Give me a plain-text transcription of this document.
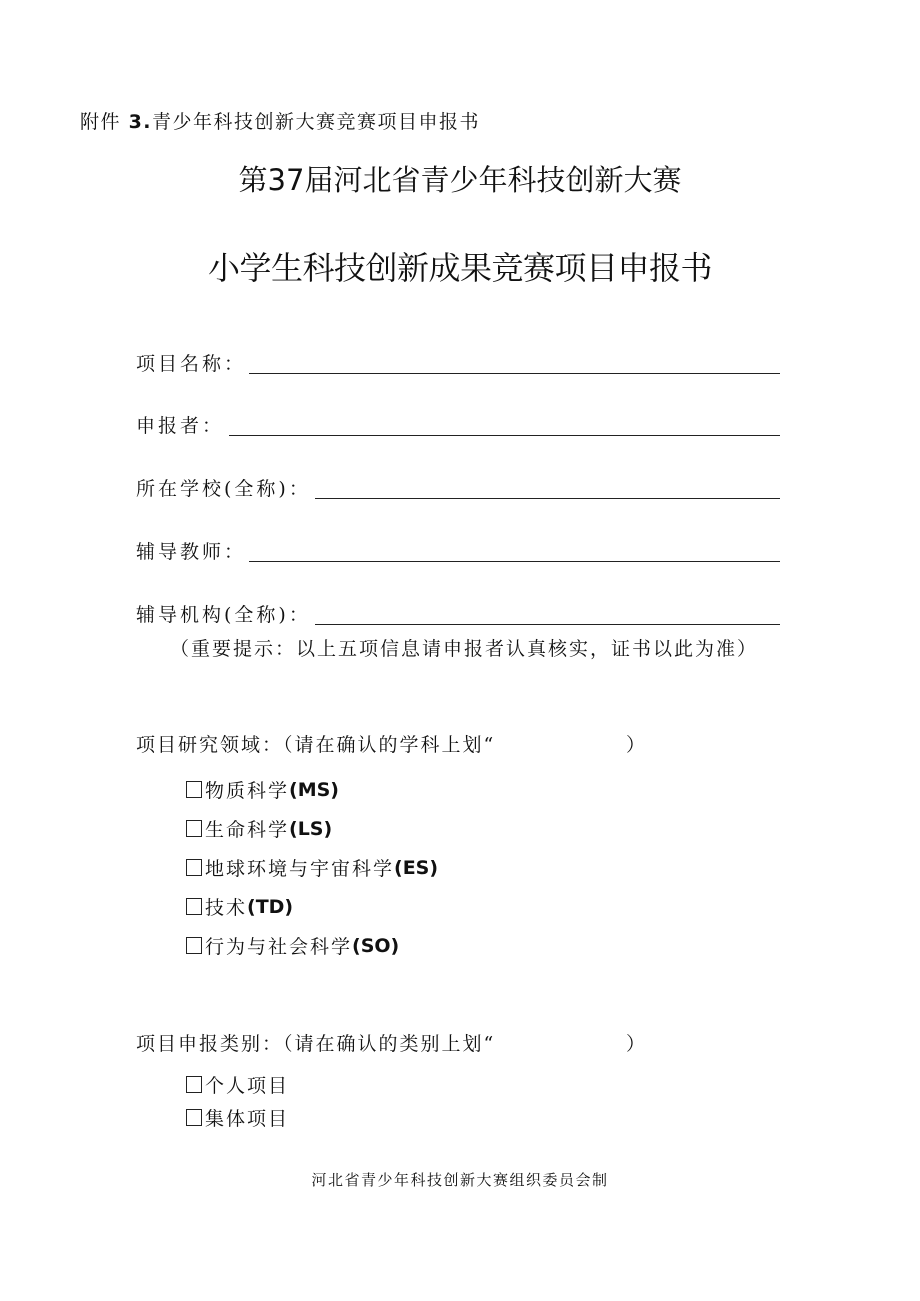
附件 3.青少年科技创新大赛竞赛项目申报书
第37届河北省青少年科技创新大赛
小学生科技创新成果竞赛项目申报书
项目名称：
申报者：
所在学校(全称)：
辅导教师：
辅导机构(全称)：
（重要提示：以上五项信息请申报者认真核实，证书以此为准）
项目研究领域：（请在确认的学科上划“	）
物质科学 (MS)
生命科学 (LS)
地球环境与宇宙科学 (ES)
技术 (TD)
行为与社会科学 (SO)
项目申报类别：（请在确认的类别上划“	）
个人项目
集体项目
河北省青少年科技创新大赛组织委员会制
